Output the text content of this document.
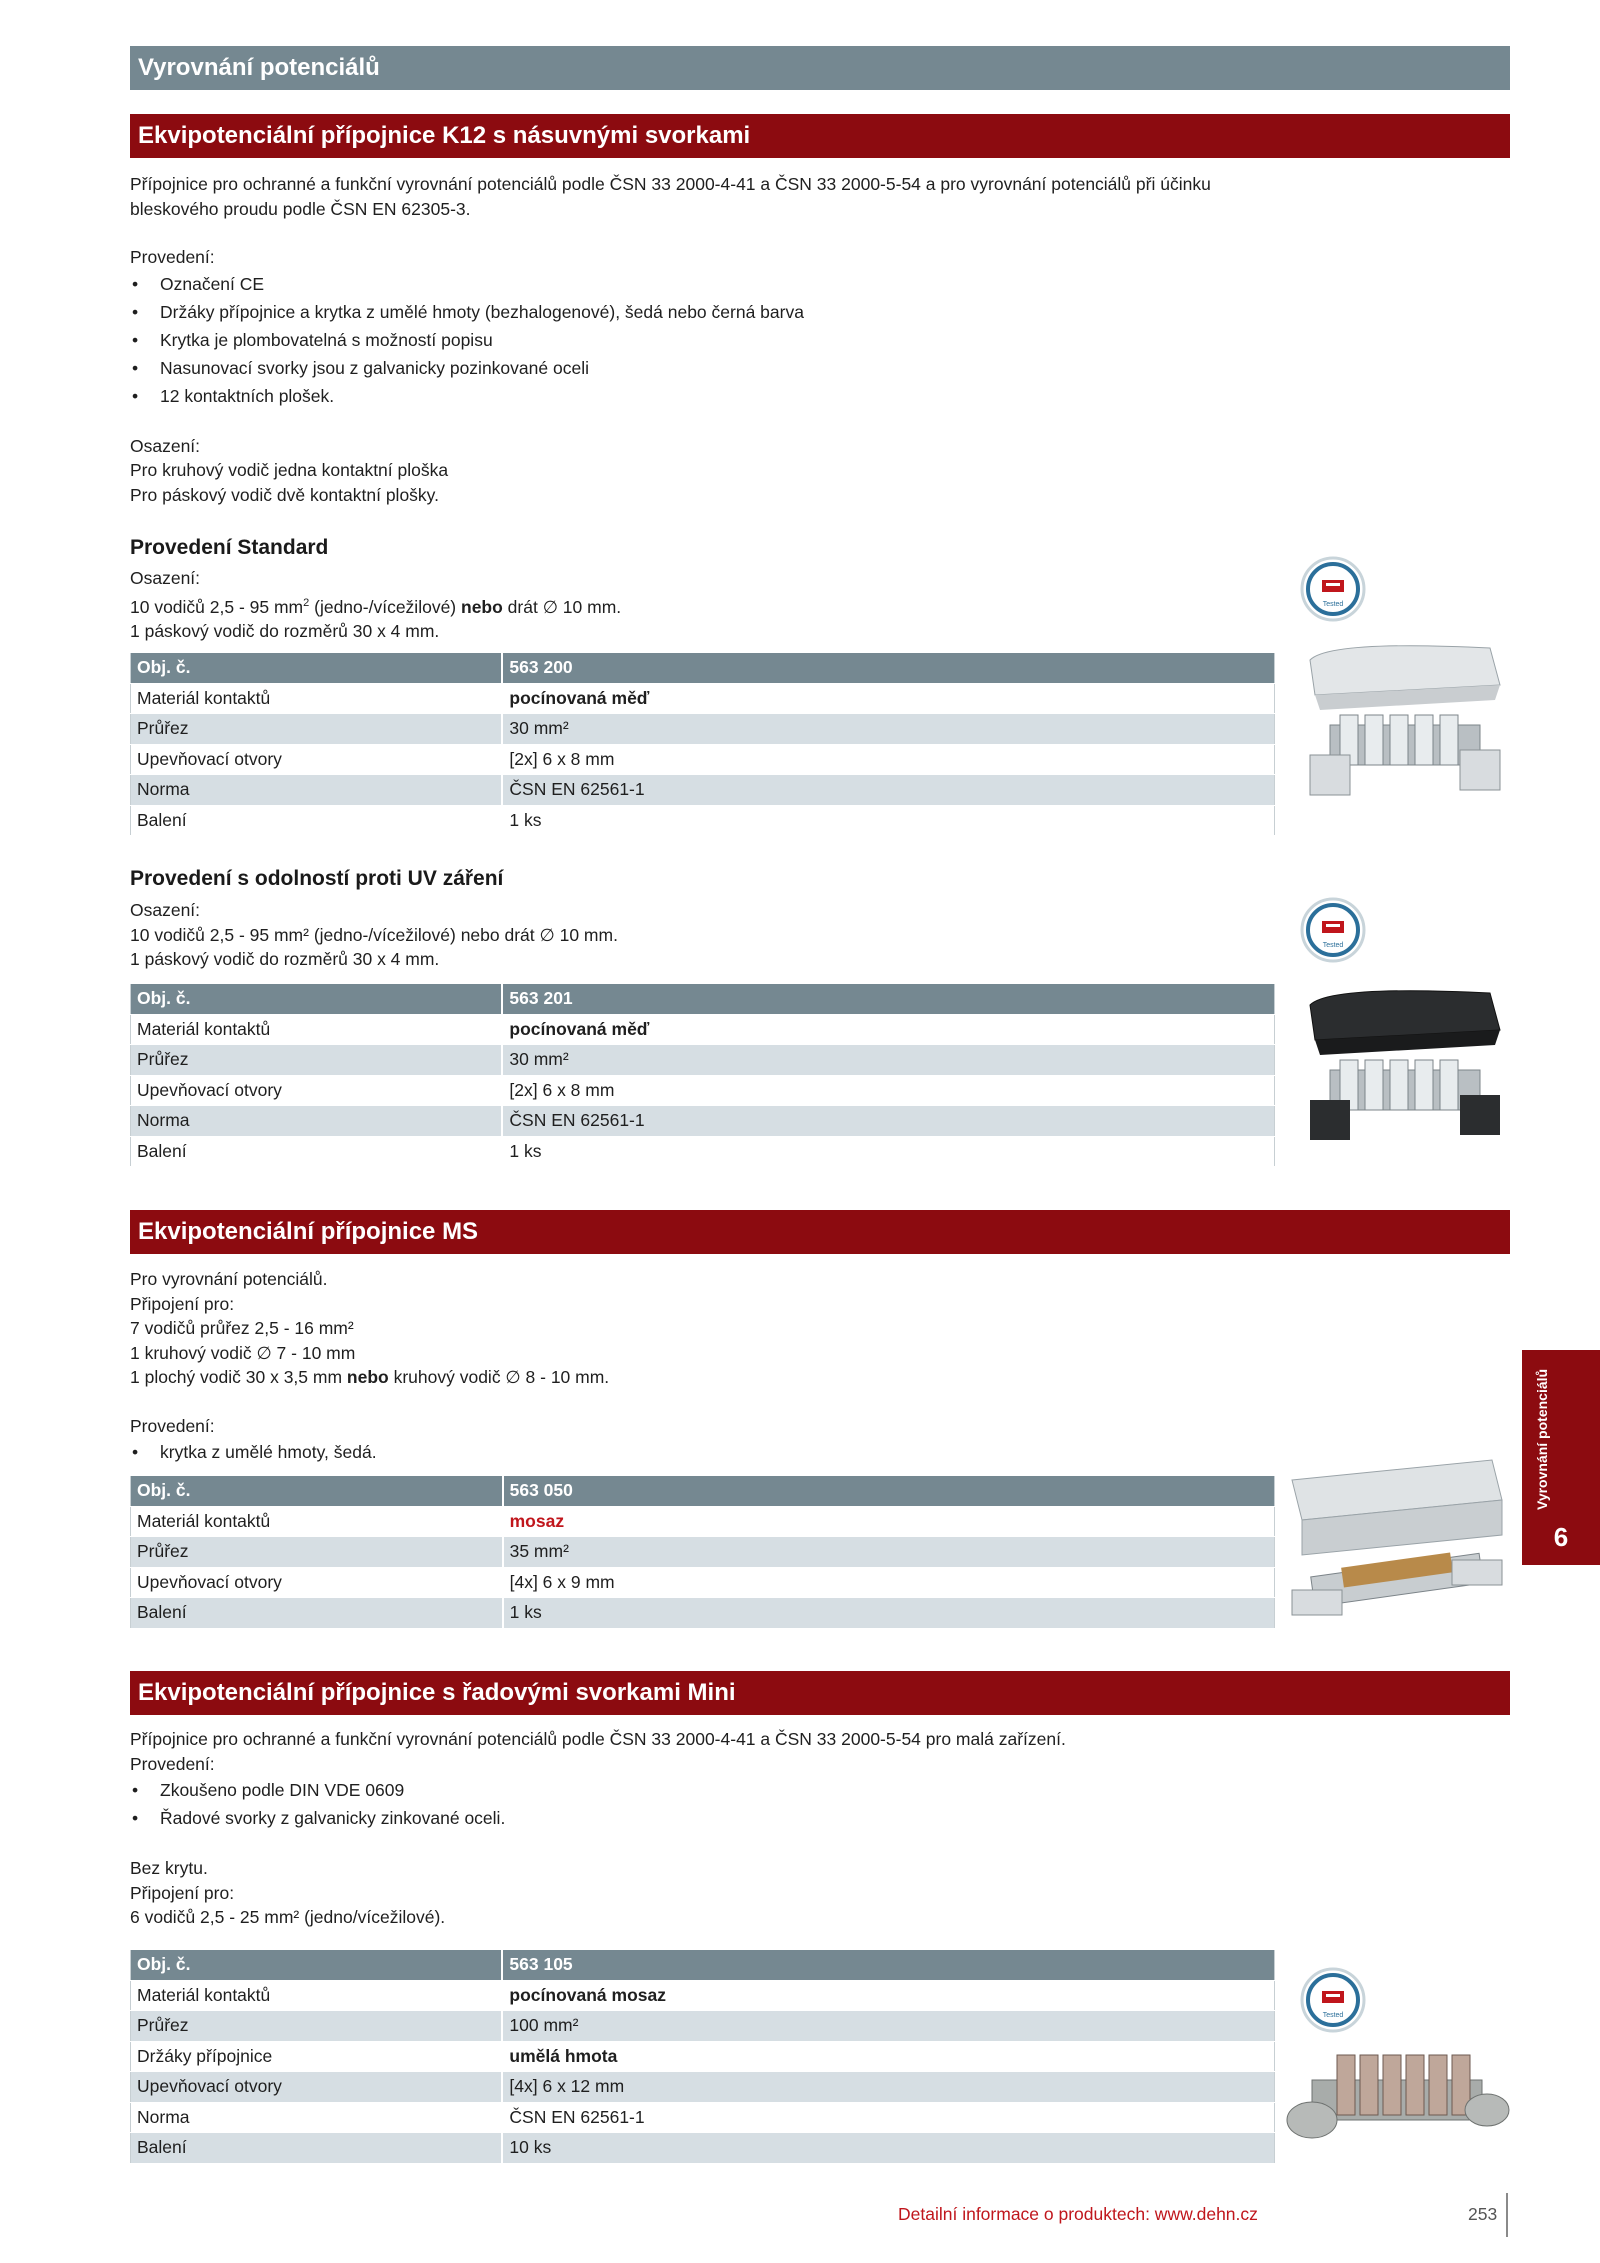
Vyrovnání potenciálů
Ekvipotenciální přípojnice K12 s násuvnými svorkami

Přípojnice pro ochranné a funkční vyrovnání potenciálů podle ČSN 33 2000-4-41 a ČSN 33 2000-5-54 a pro vyrovnání potenciálů při účinku

bleskového proudu podle ČSN EN 62305-3.

Provedení:

• Označení CE
• Držáky přípojnice a krytka z umělé hmoty (bezhalogenové), šedá nebo černá barva
• Krytka je plombovatelná s možností popisu
• Nasunovací svorky jsou z galvanicky pozinkované oceli
• 12 kontaktních plošek.

Osazení:

Pro kruhový vodič jedna kontaktní ploška

Pro páskový vodič dvě kontaktní plošky.

Provedení Standard

Osazení:

10 vodičů 2,5 - 95 $mm^2$ (jedno-/vícežilové) nebo drát ∅ 10 mm.

1 páskový vodič do rozměrů 30 x 4 mm.

Obj. č.	563 200
Materiál kontaktů	pocínovaná měď
Průřez	30 mm²
Upevňovací otvory	[2x] 6 x 8 mm
Norma	ČSN EN 62561-1
Balení	1 ks
Provedení s odolností proti UV záření

Osazení:

10 vodičů 2,5 - 95 mm² (jedno-/vícežilové) nebo drát ∅ 10 mm.

1 páskový vodič do rozměrů 30 x 4 mm.

Obj. č.	563 201
Materiál kontaktů	pocínovaná měď
Průřez	30 mm²
Upevňovací otvory	[2x] 6 x 8 mm
Norma	ČSN EN 62561-1
Balení	1 ks
Ekvipotenciální přípojnice MS

Pro vyrovnání potenciálů.

Připojení pro:

7 vodičů průřez 2,5 - 16 mm²

1 kruhový vodič ∅ 7 - 10 mm

1 plochý vodič 30 x 3,5 mm nebo kruhový vodič ∅ 8 - 10 mm.

Provedení:

• krytka z umělé hmoty, šedá.
Obj. č.	563 050
Materiál kontaktů	mosaz
Průřez	35 mm²
Upevňovací otvory	[4x] 6 x 9 mm
Balení	1 ks
Ekvipotenciální přípojnice s řadovými svorkami Mini

Přípojnice pro ochranné a funkční vyrovnání potenciálů podle ČSN 33 2000-4-41 a ČSN 33 2000-5-54 pro malá zařízení.

Provedení:

• Zkoušeno podle DIN VDE 0609
• Řadové svorky z galvanicky zinkované oceli.

Bez krytu.

Připojení pro:

6 vodičů 2,5 - 25 mm² (jedno/vícežilové).

Obj. č.	563 105
Materiál kontaktů	pocínovaná mosaz
Průřez	100 mm²
Držáky přípojnice	umělá hmota
Upevňovací otvory	[4x] 6 x 12 mm
Norma	ČSN EN 62561-1
Balení	10 ks
Tested
Tested
Tested
Vyrovnání potenciálů
6
Detailní informace o produktech: www.dehn.cz	253
